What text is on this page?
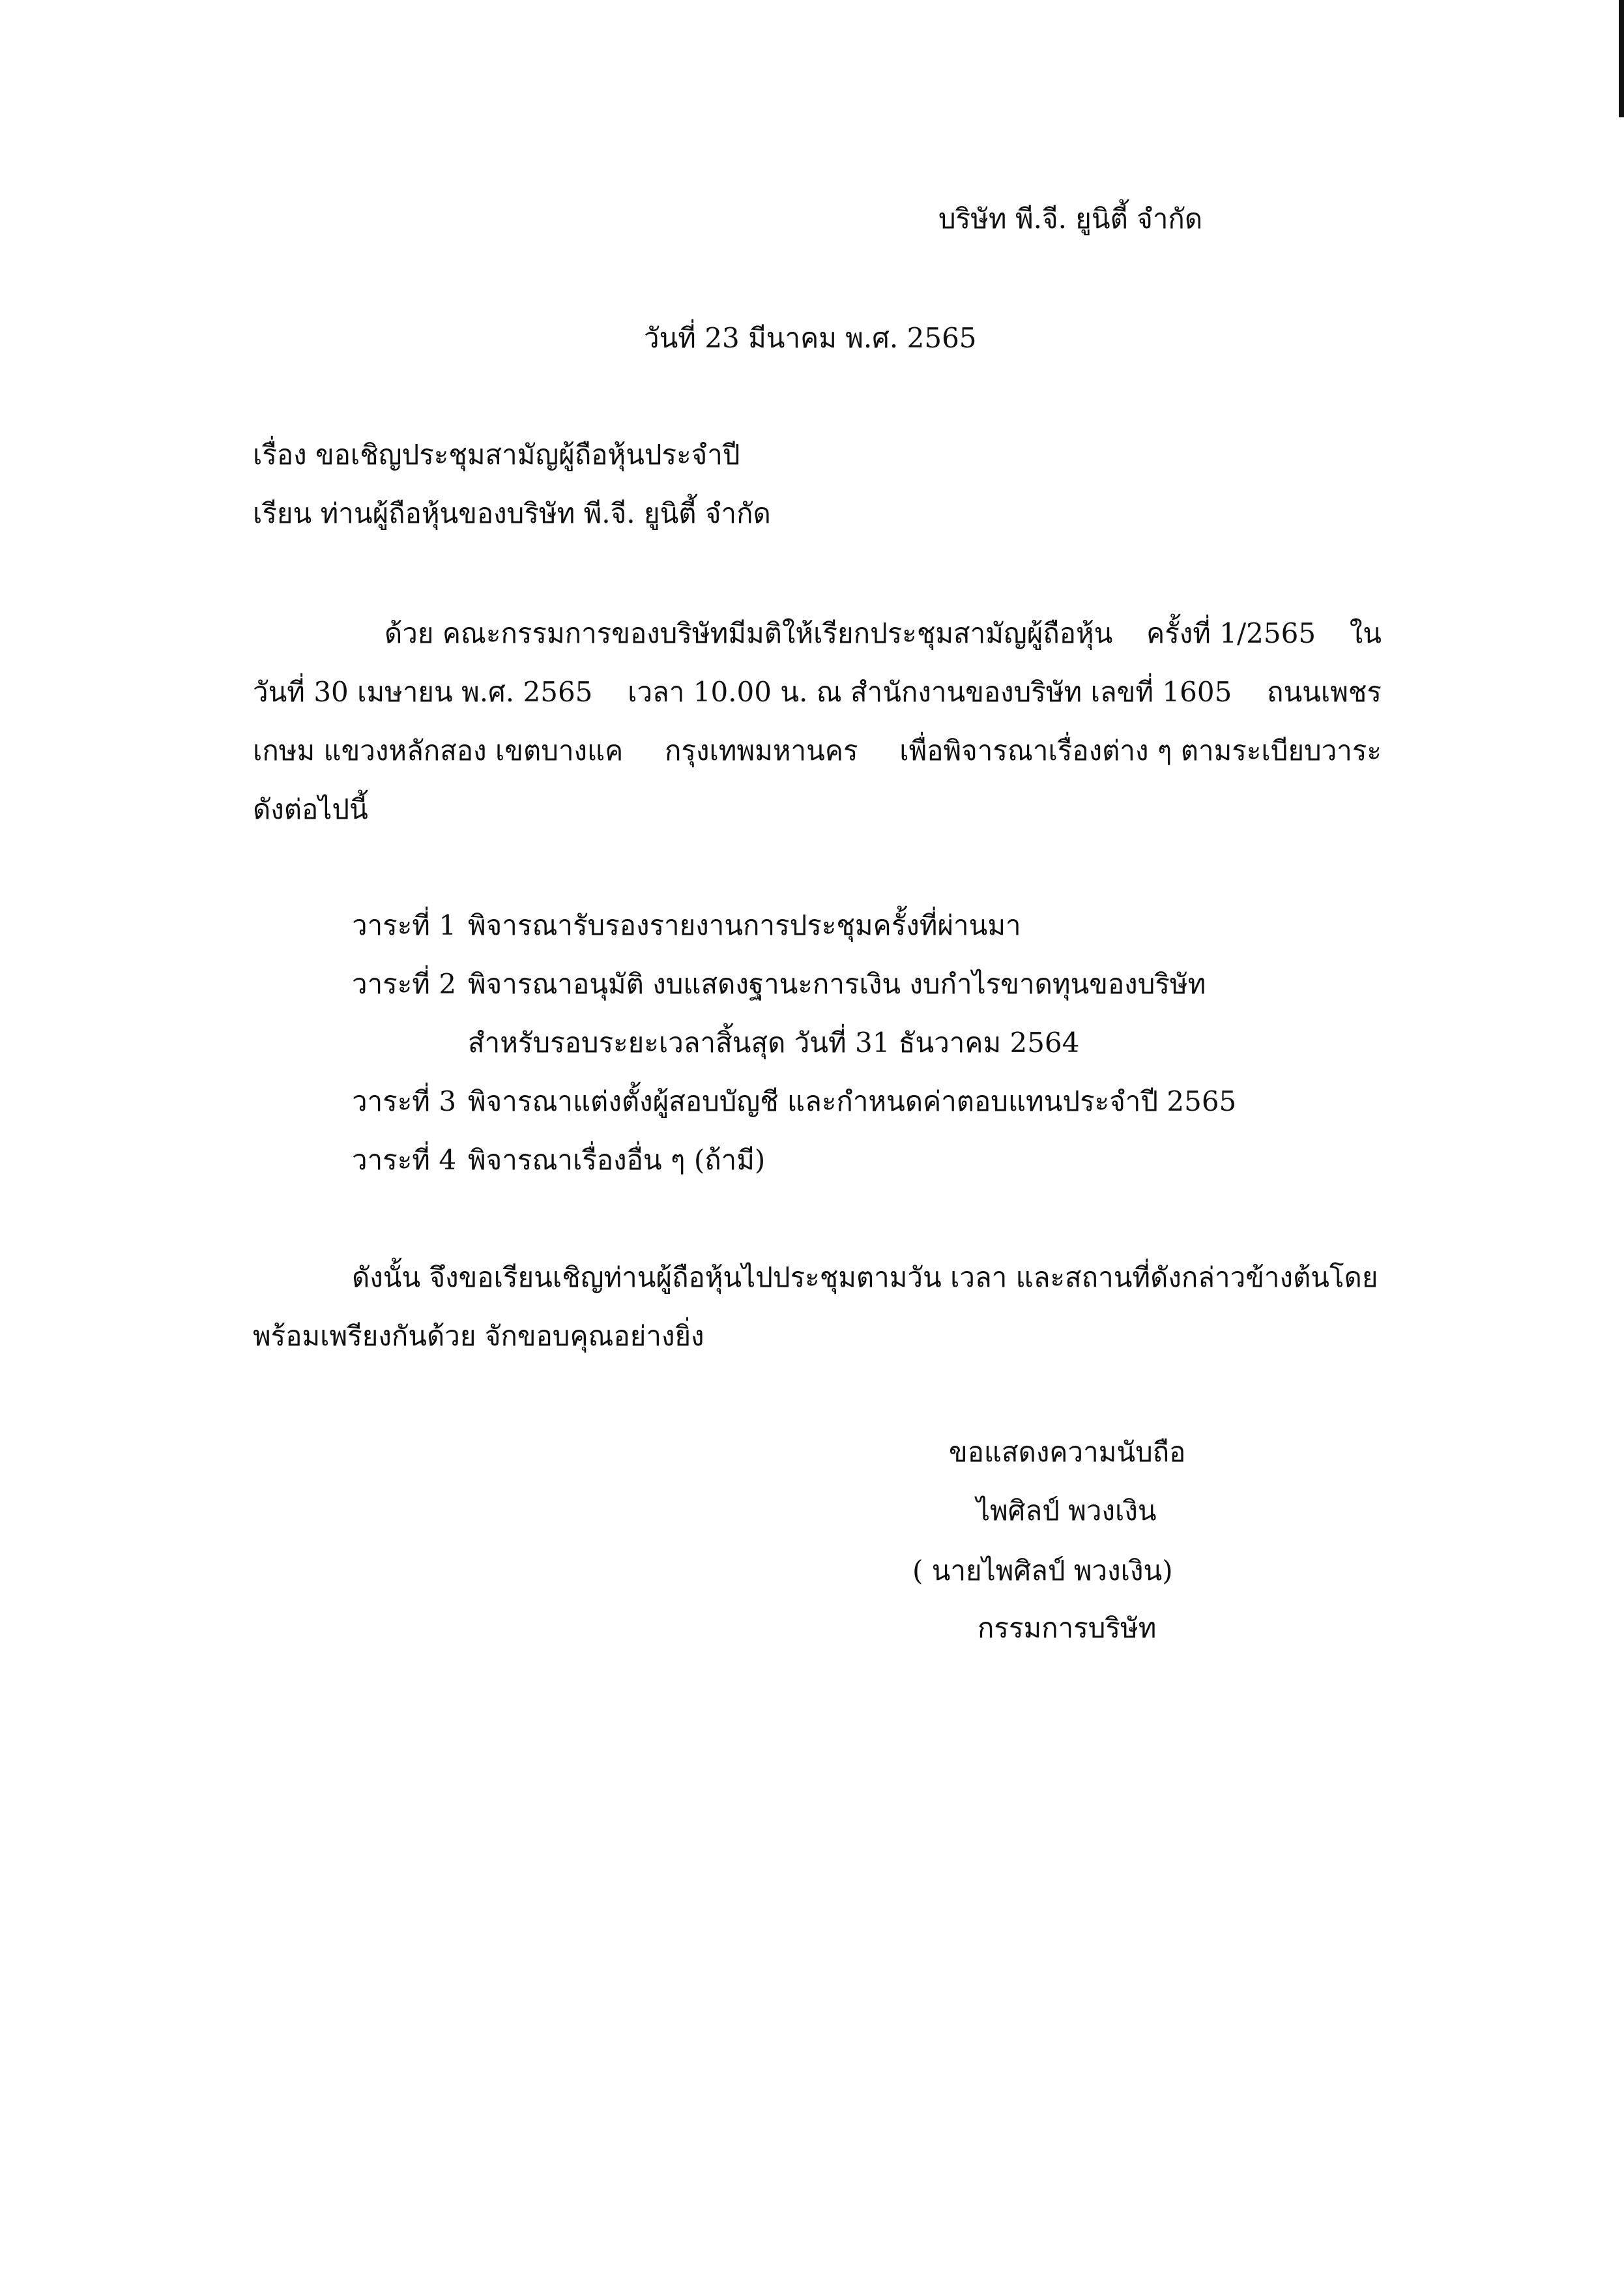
บริษัท พี.จี. ยูนิตี้ จำกัด
วันที่ 23 มีนาคม พ.ศ. 2565
เรื่อง ขอเชิญประชุมสามัญผู้ถือหุ้นประจำปี
เรียน ท่านผู้ถือหุ้นของบริษัท พี.จี. ยูนิตี้ จำกัด
ด้วย คณะกรรมการของบริษัทมีมติให้เรียกประชุมสามัญผู้ถือหุ้น ครั้งที่ 1/2565 ใน
วันที่ 30 เมษายน พ.ศ. 2565 เวลา 10.00 น. ณ สำนักงานของบริษัท เลขที่ 1605 ถนนเพชร
เกษม แขวงหลักสอง เขตบางแค กรุงเทพมหานคร เพื่อพิจารณาเรื่องต่าง ๆ ตามระเบียบวาระ
ดังต่อไปนี้
วาระที่ 1 พิจารณารับรองรายงานการประชุมครั้งที่ผ่านมา
วาระที่ 2 พิจารณาอนุมัติ งบแสดงฐานะการเงิน งบกำไรขาดทุนของบริษัท
สำหรับรอบระยะเวลาสิ้นสุด วันที่ 31 ธันวาคม 2564
วาระที่ 3 พิจารณาแต่งตั้งผู้สอบบัญชี และกำหนดค่าตอบแทนประจำปี 2565
วาระที่ 4 พิจารณาเรื่องอื่น ๆ (ถ้ามี)
ดังนั้น จึงขอเรียนเชิญท่านผู้ถือหุ้นไปประชุมตามวัน เวลา และสถานที่ดังกล่าวข้างต้นโดย
พร้อมเพรียงกันด้วย จักขอบคุณอย่างยิ่ง
ขอแสดงความนับถือ
ไพศิลป์ พวงเงิน
( นายไพศิลป์ พวงเงิน)
กรรมการบริษัท
